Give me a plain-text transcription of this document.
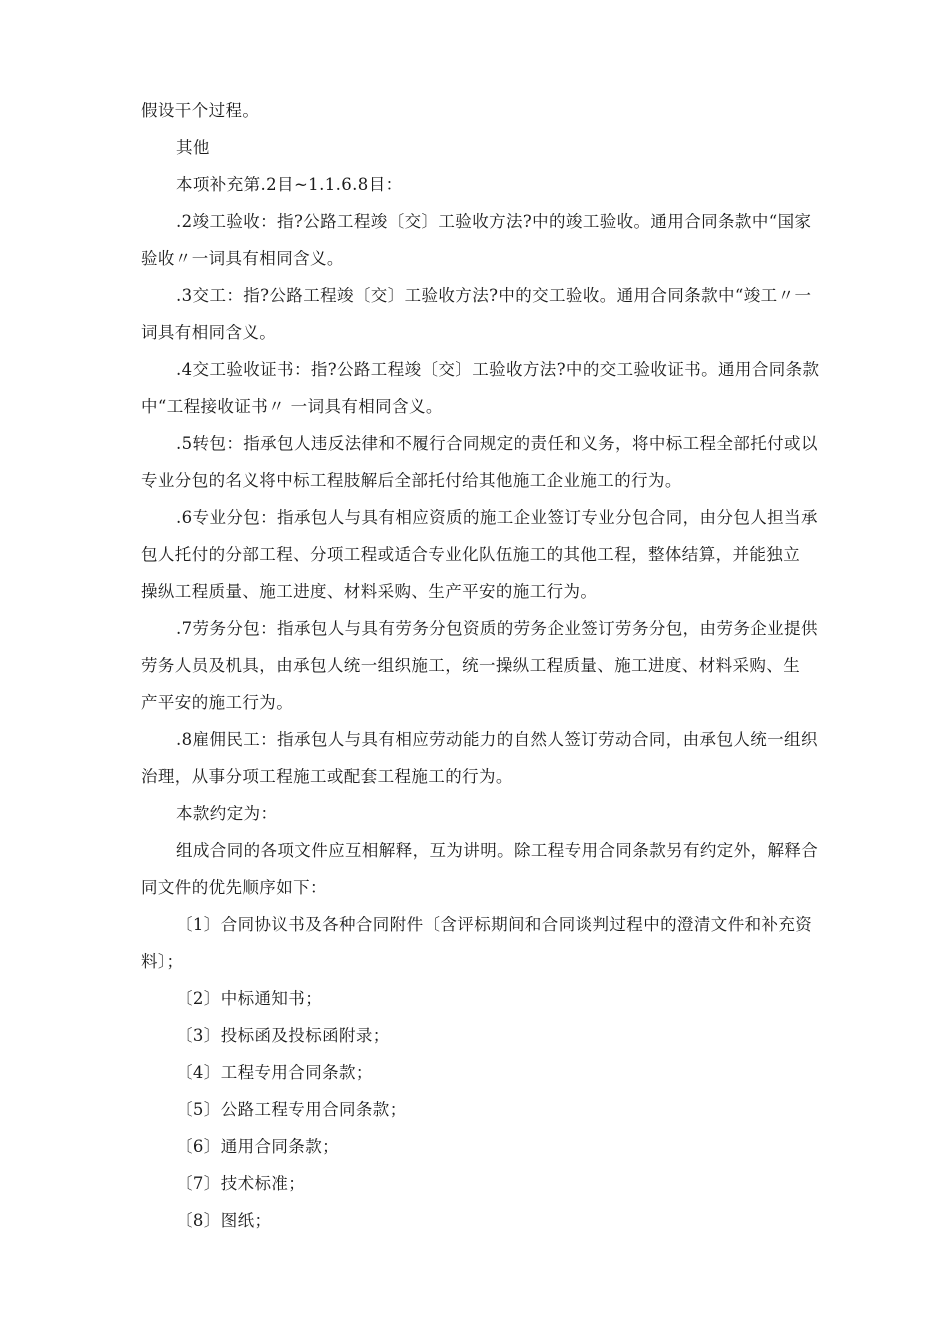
假设干个过程。

其他

本项补充第.2目~1.1.6.8目：

.2竣工验收：指?公路工程竣〔交〕工验收方法?中的竣工验收。通用合同条款中“国家验收〃一词具有相同含义。

.3交工：指?公路工程竣〔交〕工验收方法?中的交工验收。通用合同条款中“竣工〃一词具有相同含义。

.4交工验收证书：指?公路工程竣〔交〕工验收方法?中的交工验收证书。通用合同条款中“工程接收证书〃 一词具有相同含义。

.5转包：指承包人违反法律和不履行合同规定的责任和义务，将中标工程全部托付或以专业分包的名义将中标工程肢解后全部托付给其他施工企业施工的行为。

.6专业分包：指承包人与具有相应资质的施工企业签订专业分包合同，由分包人担当承包人托付的分部工程、分项工程或适合专业化队伍施工的其他工程，整体结算，并能独立 操纵工程质量、施工进度、材料采购、生产平安的施工行为。

.7劳务分包：指承包人与具有劳务分包资质的劳务企业签订劳务分包，由劳务企业提供劳务人员及机具，由承包人统一组织施工，统一操纵工程质量、施工进度、材料采购、生 产平安的施工行为。

.8雇佣民工：指承包人与具有相应劳动能力的自然人签订劳动合同，由承包人统一组织治理，从事分项工程施工或配套工程施工的行为。

本款约定为：

组成合同的各项文件应互相解释，互为讲明。除工程专用合同条款另有约定外，解释合 同文件的优先顺序如下：

〔1〕合同协议书及各种合同附件〔含评标期间和合同谈判过程中的澄清文件和补充资料〕；

〔2〕中标通知书；

〔3〕投标函及投标函附录；

〔4〕工程专用合同条款；

〔5〕公路工程专用合同条款；

〔6〕通用合同条款；

〔7〕技术标准；

〔8〕图纸；
